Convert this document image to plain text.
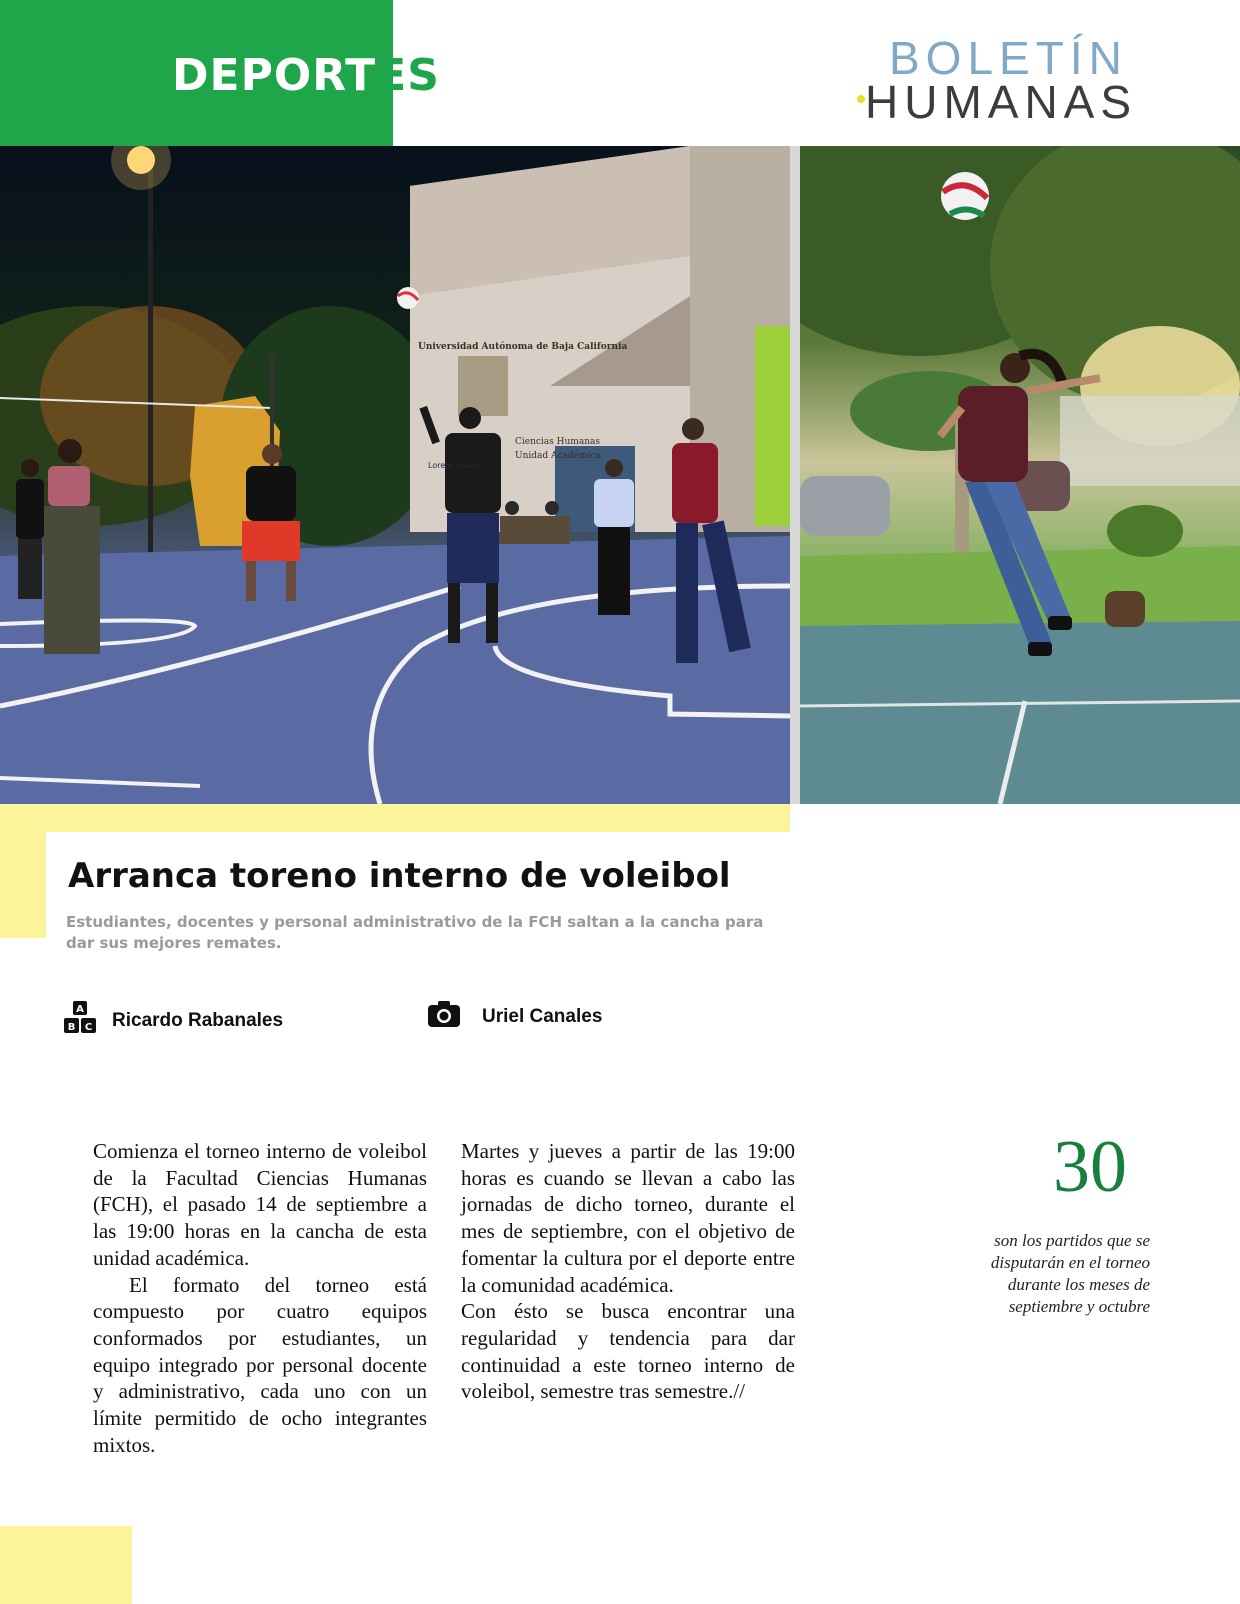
DEPORTES	BOLETÍN
HUMANAS
Universidad Autónoma de Baja California
Ciencias Humanas
Unidad Académica
Lorem ipsum
Arranca toreno interno de voleibol
Estudiantes, docentes y personal administrativo de la FCH saltan a la cancha para dar sus mejores remates.
A
B C Ricardo Rabanales	Uriel Canales

Comienza el torneo interno de voleibol de la Facultad Ciencias Humanas (FCH), el pasado 14 de septiembre a las 19:00 horas en la cancha de esta unidad académica.

El formato del torneo está compuesto por cuatro equipos conformados por estudiantes, un equipo integrado por personal docente y administrativo, cada uno con un límite permitido de ocho integrantes mixtos.

Martes y jueves a partir de las 19:00 horas es cuando se llevan a cabo las jornadas de dicho torneo, durante el mes de septiembre, con el objetivo de fomentar la cultura por el deporte entre la comunidad académica.

Con ésto se busca encontrar una regularidad y tendencia para dar continuidad a este torneo interno de voleibol, semestre tras semestre.//

30
son los partidos que se disputarán en el torneo durante los meses de septiembre y octubre
